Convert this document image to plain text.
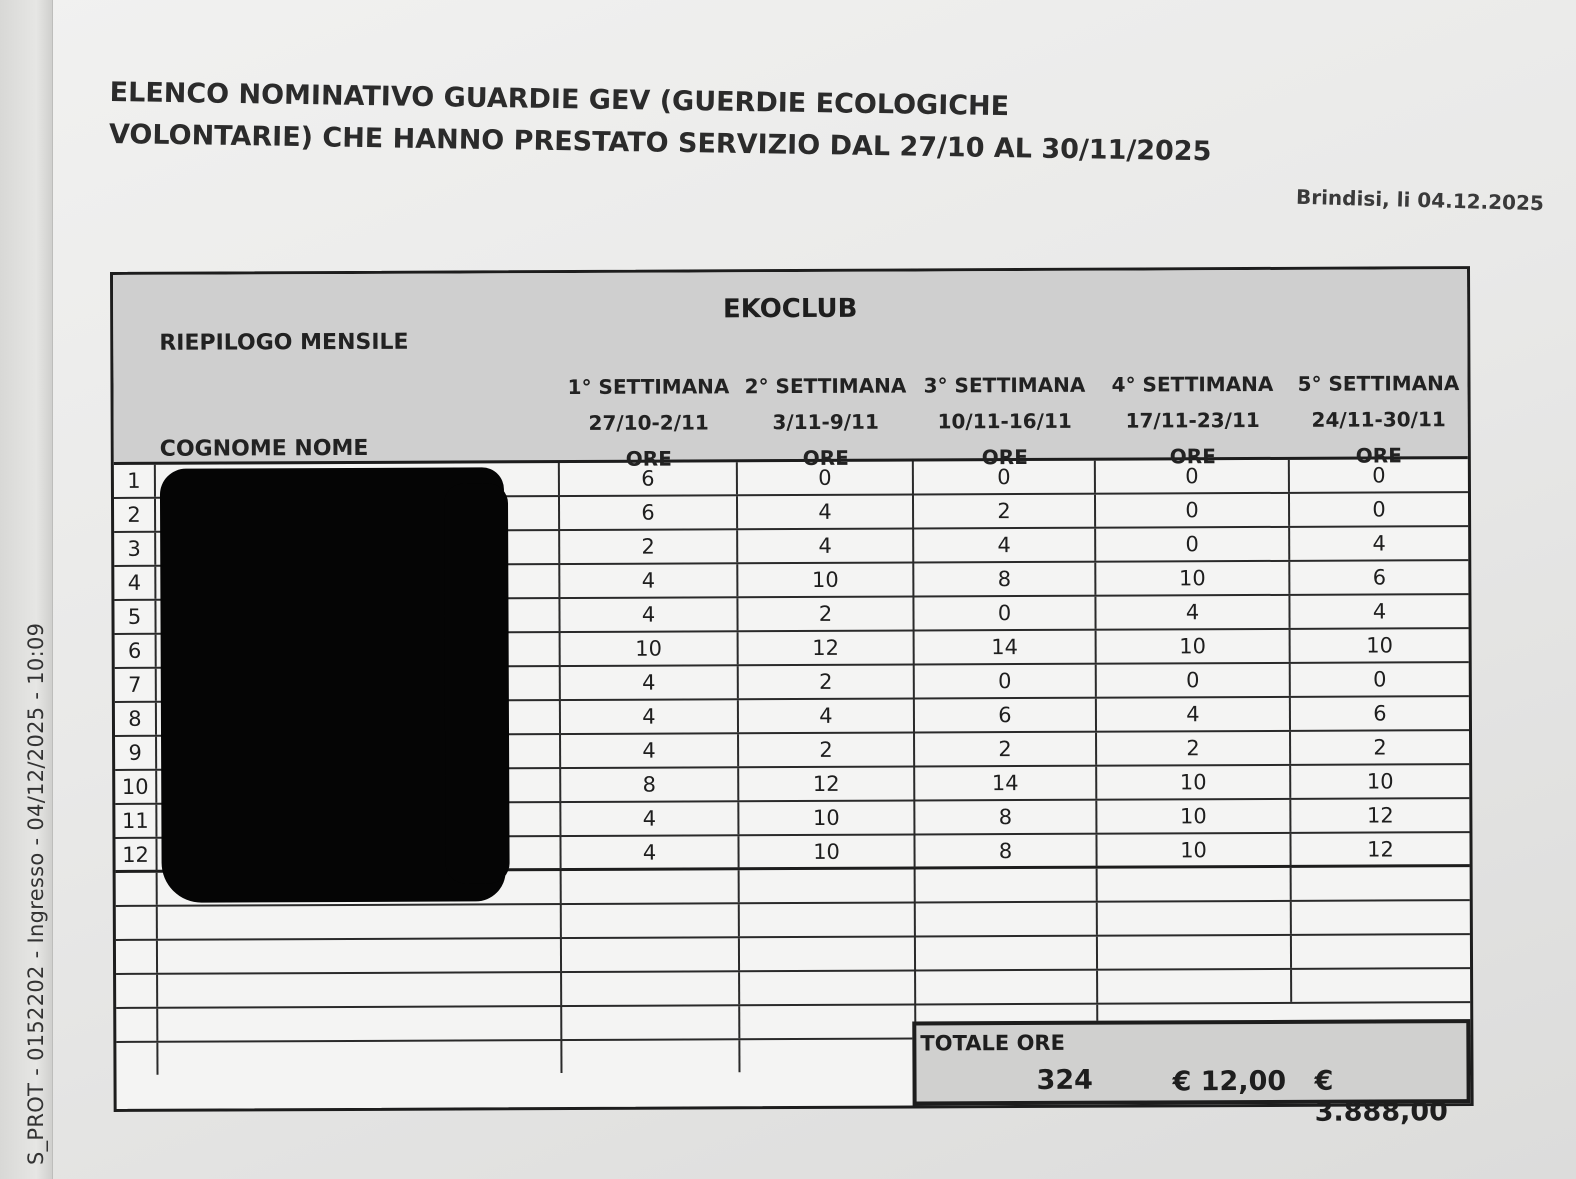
S_PROT - 0152202 - Ingresso - 04/12/2025 - 10:09
ELENCO NOMINATIVO GUARDIE GEV (GUERDIE ECOLOGICHE
VOLONTARIE) CHE HANNO PRESTATO SERVIZIO DAL 27/10 AL 30/11/2025
Brindisi, li 04.12.2025
EKOCLUB
RIEPILOGO MENSILE
COGNOME NOME
1° SETTIMANA
27/10-2/11
ORE
2° SETTIMANA
3/11-9/11
ORE
3° SETTIMANA
10/11-16/11
ORE
4° SETTIMANA
17/11-23/11
ORE
5° SETTIMANA
24/11-30/11
ORE
1	6	0	0	0	0
2	6	4	2	0	0
3	2	4	4	0	4
4	4	10	8	10	6
5	4	2	0	4	4
6	10	12	14	10	10
7	4	2	0	0	0
8	4	4	6	4	6
9	4	2	2	2	2
10	8	12	14	10	10
11	4	10	8	10	12
12	4	10	8	10	12
TOTALE ORE
324	€ 12,00 € 3.888,00
